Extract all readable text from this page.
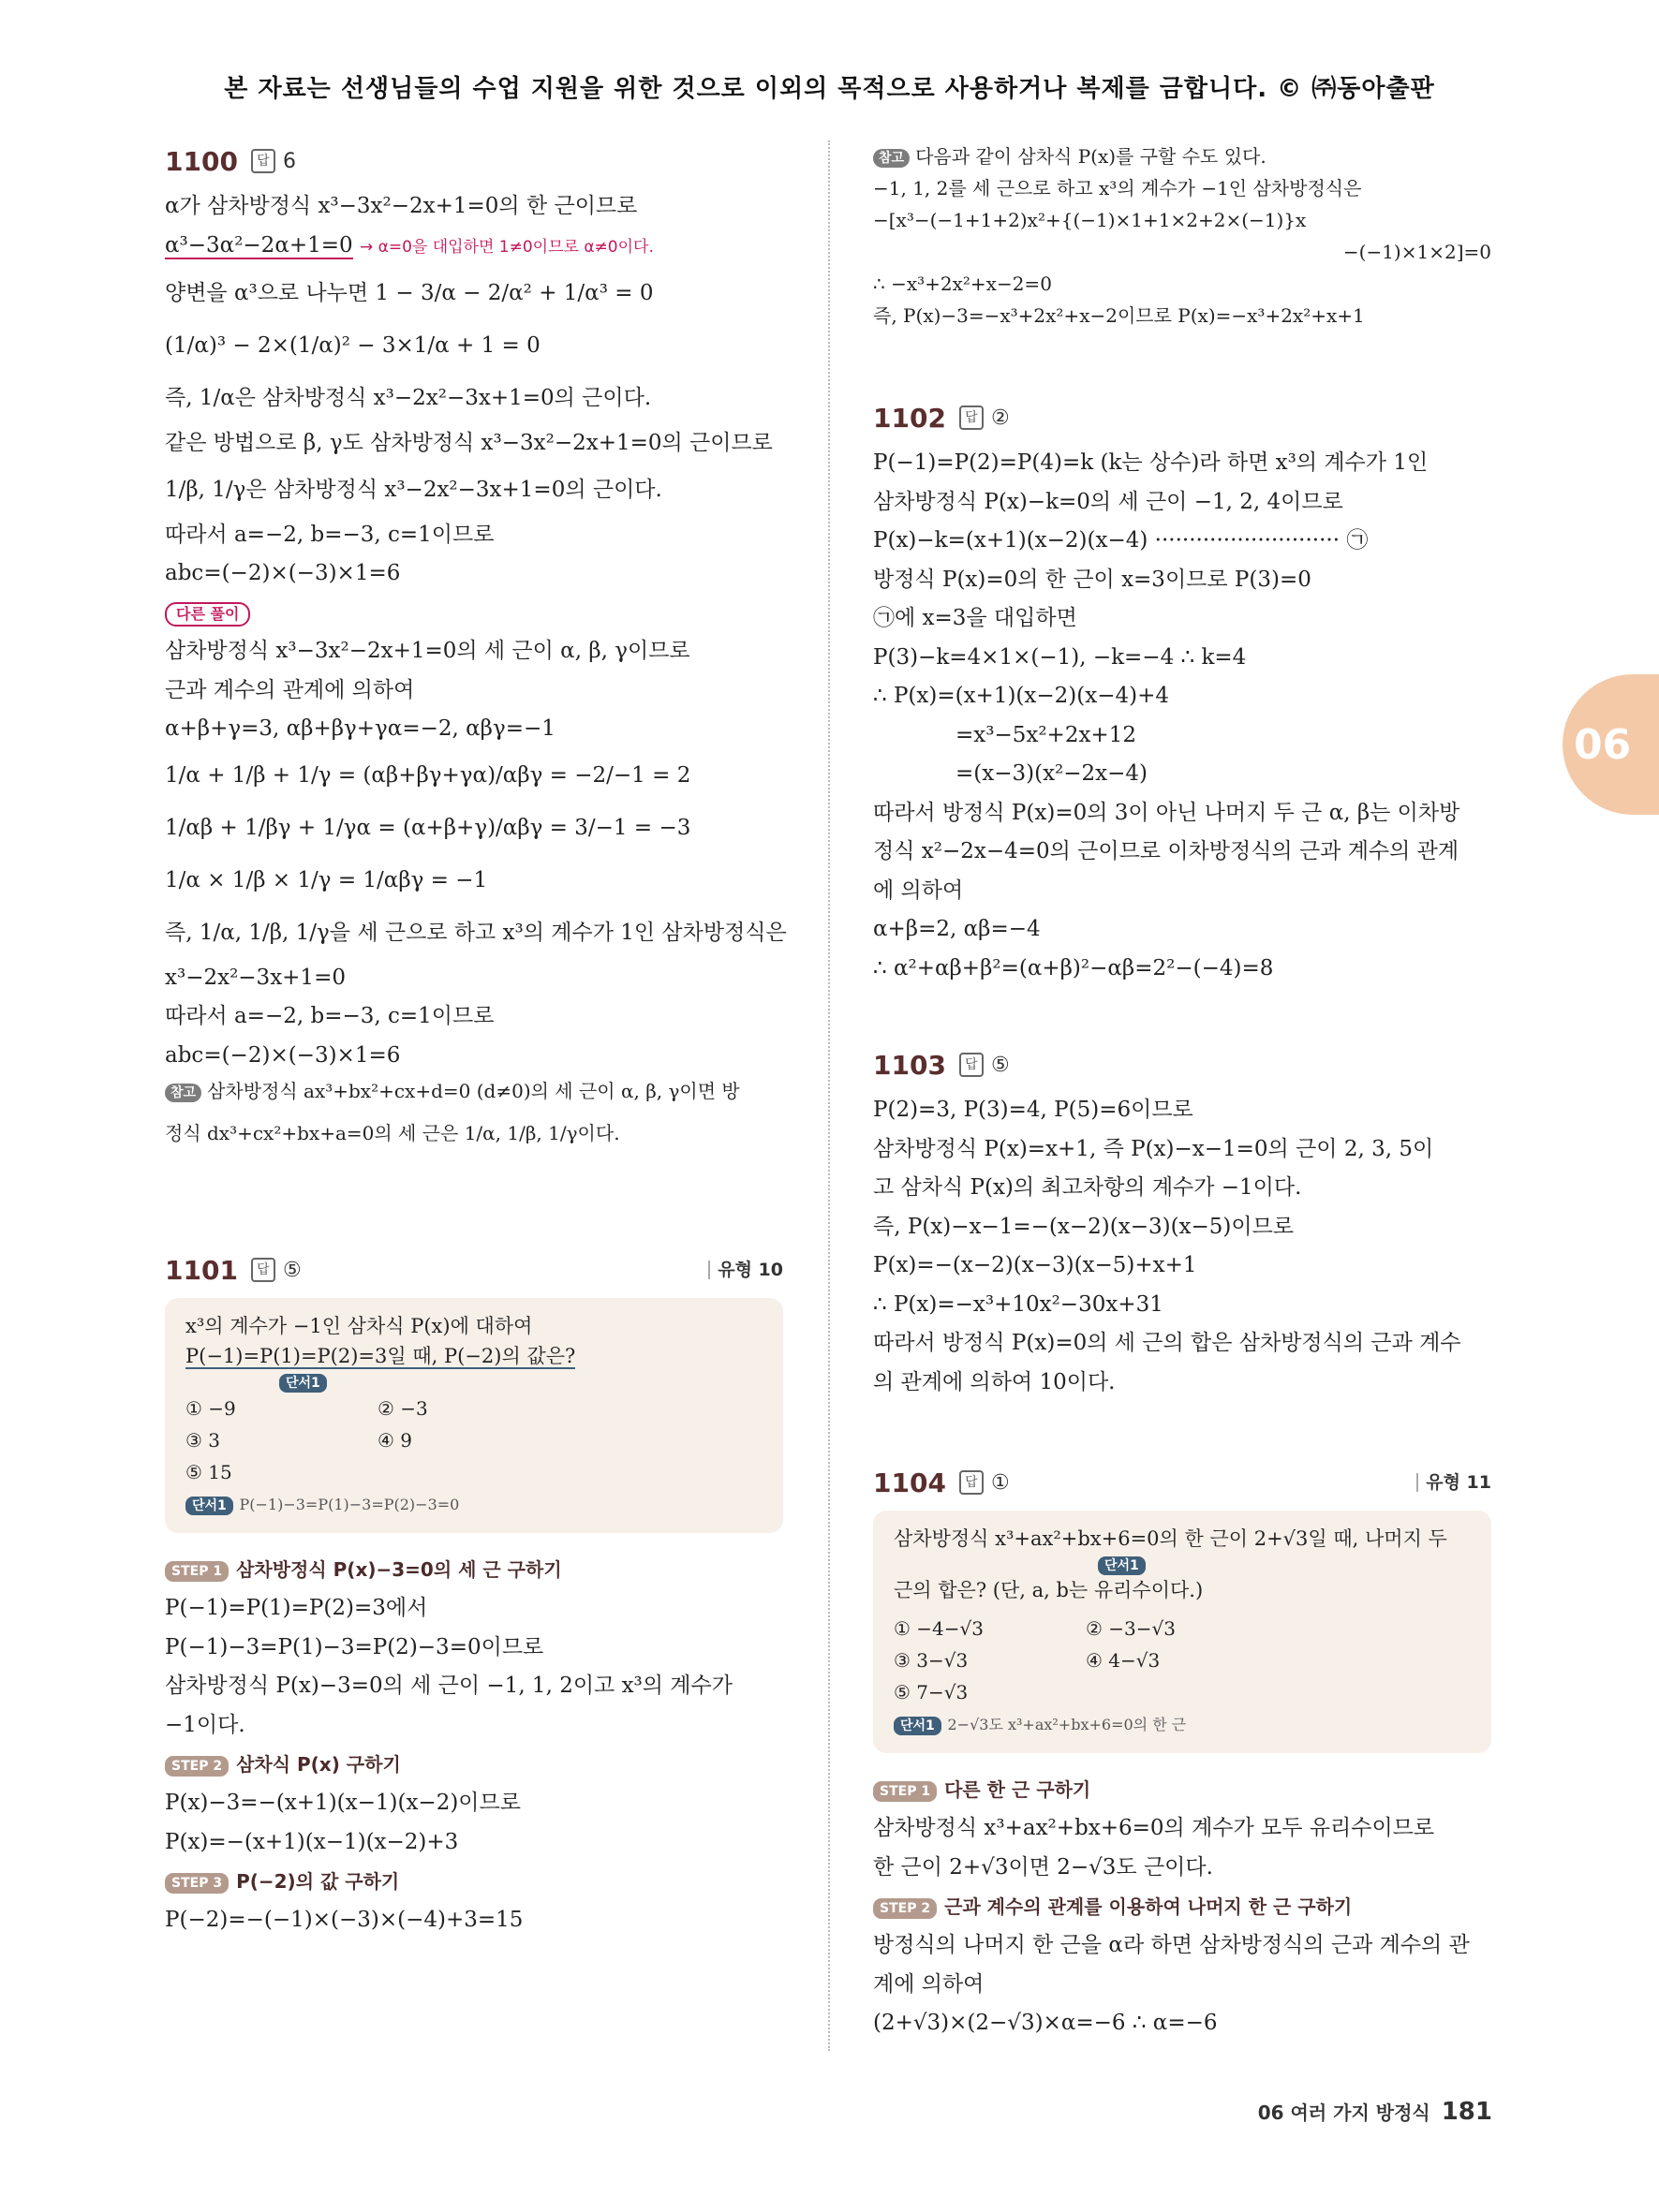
본 자료는 선생님들의 수업 지원을 위한 것으로 이외의 목적으로 사용하거나 복제를 금합니다. © ㈜동아출판
1100	답 6
α가 삼차방정식 x³−3x²−2x+1=0의 한 근이므로
α³−3α²−2α+1=0 → α=0을 대입하면 1≠0이므로 α≠0이다.
양변을 α³으로 나누면 1 − 3/α − 2/α² + 1/α³ = 0
(1/α)³ − 2×(1/α)² − 3×1/α + 1 = 0
즉, 1/α은 삼차방정식 x³−2x²−3x+1=0의 근이다.
같은 방법으로 β, γ도 삼차방정식 x³−3x²−2x+1=0의 근이므로
1/β, 1/γ은 삼차방정식 x³−2x²−3x+1=0의 근이다.
따라서 a=−2, b=−3, c=1이므로
abc=(−2)×(−3)×1=6
다른 풀이
삼차방정식 x³−3x²−2x+1=0의 세 근이 α, β, γ이므로
근과 계수의 관계에 의하여
α+β+γ=3, αβ+βγ+γα=−2, αβγ=−1
1/α + 1/β + 1/γ = (αβ+βγ+γα)/αβγ = −2/−1 = 2
1/αβ + 1/βγ + 1/γα = (α+β+γ)/αβγ = 3/−1 = −3
1/α × 1/β × 1/γ = 1/αβγ = −1
즉, 1/α, 1/β, 1/γ을 세 근으로 하고 x³의 계수가 1인 삼차방정식은
x³−2x²−3x+1=0
따라서 a=−2, b=−3, c=1이므로
abc=(−2)×(−3)×1=6
참고 삼차방정식 ax³+bx²+cx+d=0 (d≠0)의 세 근이 α, β, γ이면 방
정식 dx³+cx²+bx+a=0의 세 근은 1/α, 1/β, 1/γ이다.
1101	답 ⑤	유형 10
x³의 계수가 −1인 삼차식 P(x)에 대하여
P(−1)=P(1)=P(2)=3일 때, P(−2)의 값은?
단서1
① −9	② −3
③ 3	④ 9
⑤ 15
단서1 P(−1)−3=P(1)−3=P(2)−3=0
STEP 1 삼차방정식 P(x)−3=0의 세 근 구하기
P(−1)=P(1)=P(2)=3에서
P(−1)−3=P(1)−3=P(2)−3=0이므로
삼차방정식 P(x)−3=0의 세 근이 −1, 1, 2이고 x³의 계수가
−1이다.
STEP 2 삼차식 P(x) 구하기
P(x)−3=−(x+1)(x−1)(x−2)이므로
P(x)=−(x+1)(x−1)(x−2)+3
STEP 3 P(−2)의 값 구하기
P(−2)=−(−1)×(−3)×(−4)+3=15
참고 다음과 같이 삼차식 P(x)를 구할 수도 있다.
−1, 1, 2를 세 근으로 하고 x³의 계수가 −1인 삼차방정식은
−[x³−(−1+1+2)x²+{(−1)×1+1×2+2×(−1)}x
−(−1)×1×2]=0
∴ −x³+2x²+x−2=0
즉, P(x)−3=−x³+2x²+x−2이므로 P(x)=−x³+2x²+x+1
1102	답 ②
P(−1)=P(2)=P(4)=k (k는 상수)라 하면 x³의 계수가 1인
삼차방정식 P(x)−k=0의 세 근이 −1, 2, 4이므로
P(x)−k=(x+1)(x−2)(x−4) ··························· ㉠
방정식 P(x)=0의 한 근이 x=3이므로 P(3)=0
㉠에 x=3을 대입하면
P(3)−k=4×1×(−1), −k=−4 ∴ k=4
∴ P(x)=(x+1)(x−2)(x−4)+4
=x³−5x²+2x+12
=(x−3)(x²−2x−4)
따라서 방정식 P(x)=0의 3이 아닌 나머지 두 근 α, β는 이차방
정식 x²−2x−4=0의 근이므로 이차방정식의 근과 계수의 관계
에 의하여
α+β=2, αβ=−4
∴ α²+αβ+β²=(α+β)²−αβ=2²−(−4)=8
1103	답 ⑤
P(2)=3, P(3)=4, P(5)=6이므로
삼차방정식 P(x)=x+1, 즉 P(x)−x−1=0의 근이 2, 3, 5이
고 삼차식 P(x)의 최고차항의 계수가 −1이다.
즉, P(x)−x−1=−(x−2)(x−3)(x−5)이므로
P(x)=−(x−2)(x−3)(x−5)+x+1
∴ P(x)=−x³+10x²−30x+31
따라서 방정식 P(x)=0의 세 근의 합은 삼차방정식의 근과 계수
의 관계에 의하여 10이다.
1104	답 ①	유형 11
삼차방정식 x³+ax²+bx+6=0의 한 근이 2+√3일 때, 나머지 두
단서1
근의 합은? (단, a, b는 유리수이다.)
① −4−√3	② −3−√3
③ 3−√3	④ 4−√3
⑤ 7−√3
단서1 2−√3도 x³+ax²+bx+6=0의 한 근
STEP 1 다른 한 근 구하기
삼차방정식 x³+ax²+bx+6=0의 계수가 모두 유리수이므로
한 근이 2+√3이면 2−√3도 근이다.
STEP 2 근과 계수의 관계를 이용하여 나머지 한 근 구하기
방정식의 나머지 한 근을 α라 하면 삼차방정식의 근과 계수의 관
계에 의하여
(2+√3)×(2−√3)×α=−6 ∴ α=−6
06
06 여러 가지 방정식 181
